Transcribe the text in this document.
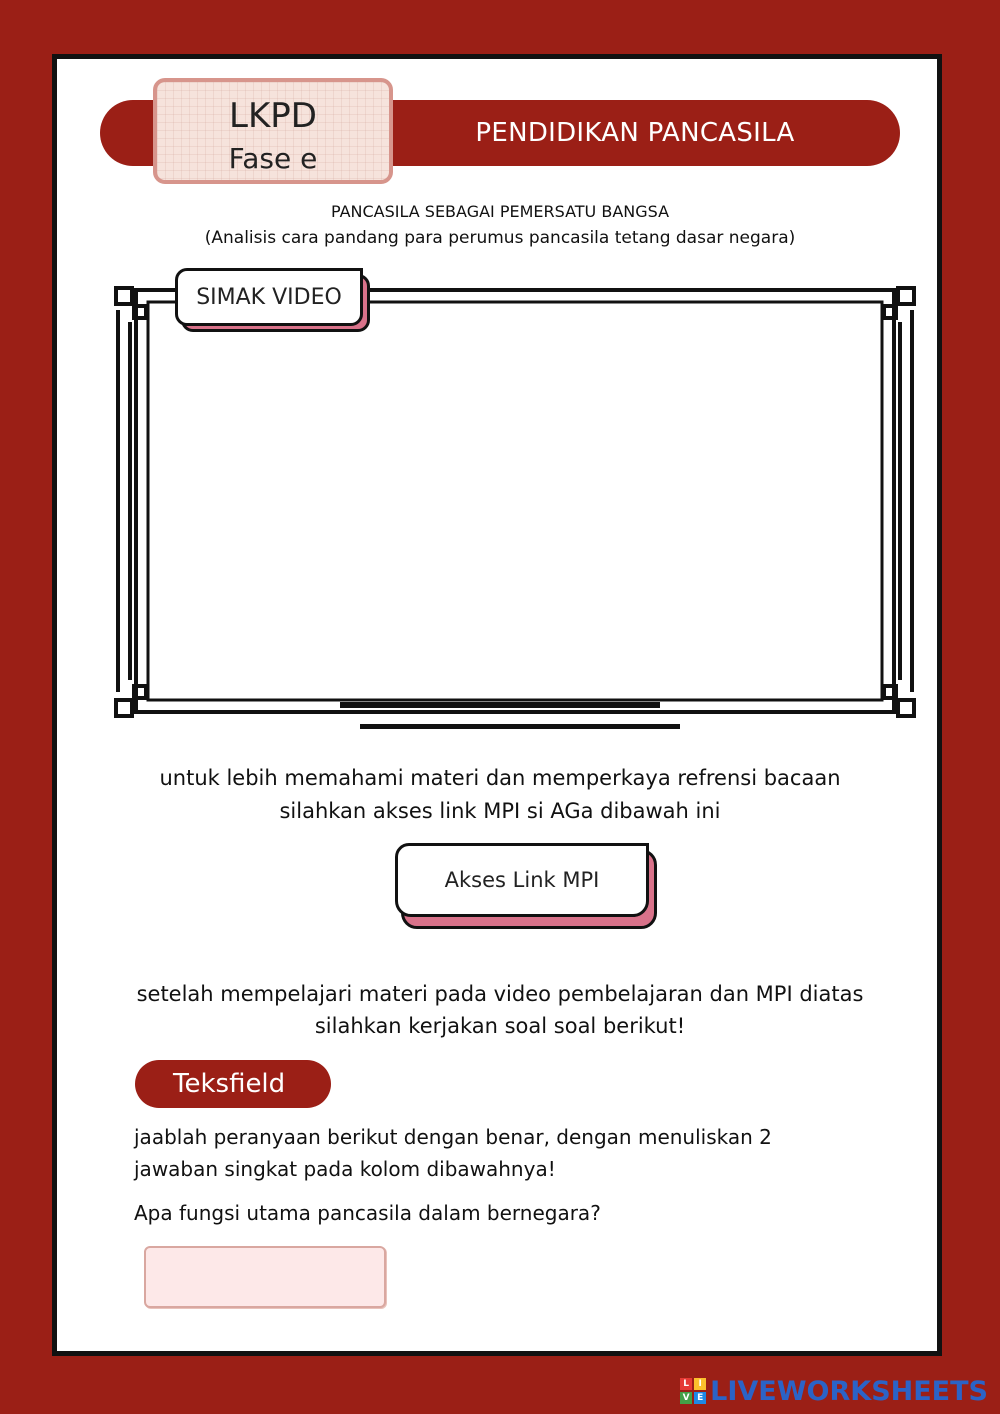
PENDIDIKAN PANCASILA
LKPD
Fase e
PANCASILA SEBAGAI PEMERSATU BANGSA
(Analisis cara pandang para perumus pancasila tetang dasar negara)
SIMAK VIDEO
untuk lebih memahami materi dan memperkaya refrensi bacaan
silahkan akses link MPI si AGa dibawah ini
Akses Link MPI
setelah mempelajari materi pada video pembelajaran dan MPI diatas
silahkan kerjakan soal soal berikut!
Teksfield
jaablah peranyaan berikut dengan benar, dengan menuliskan 2
jawaban singkat pada kolom dibawahnya!
Apa fungsi utama pancasila dalam bernegara?
L	I
V E LIVEWORKSHEETS
